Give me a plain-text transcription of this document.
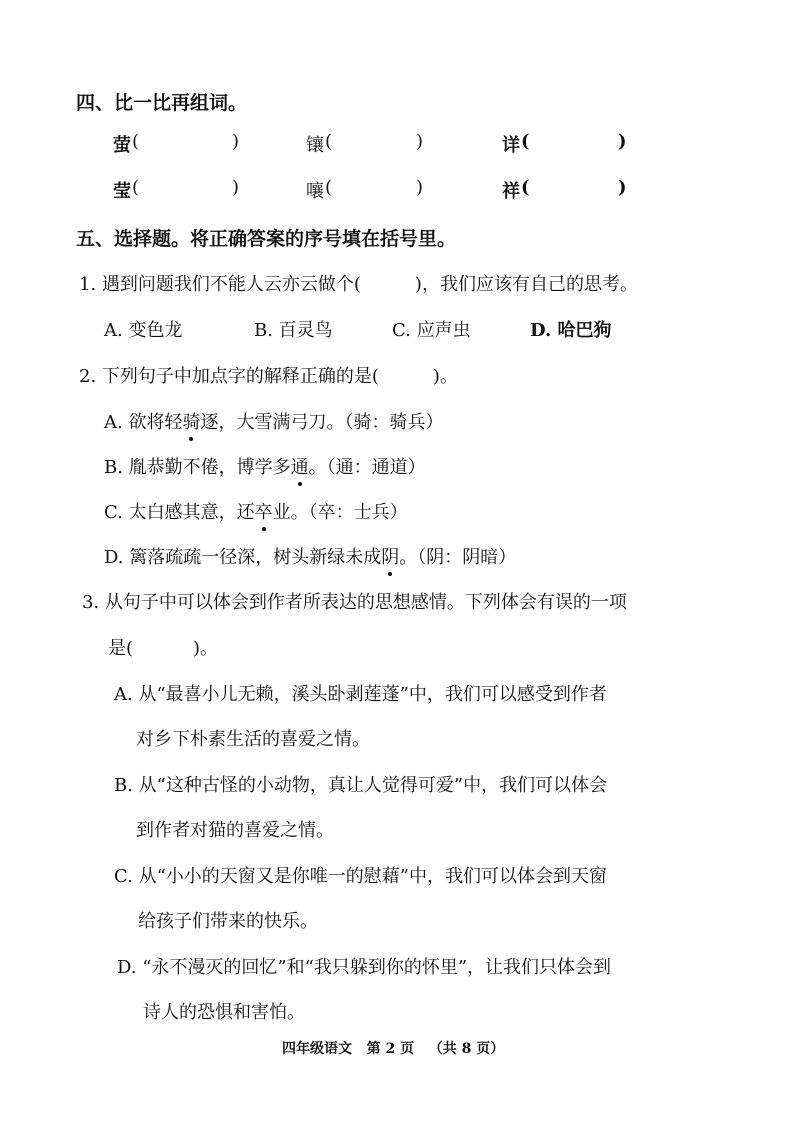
四、比一比再组词。
萤 (	)	镶 (	)	详 (	)
莹 (	)	嚷 (	)	祥 (	)
五、选择题。将正确答案的序号填在括号里。
1. 遇到问题我们不能人云亦云做个(	)，我们应该有自己的思考。
A. 变色龙	B. 百灵鸟	C. 应声虫	D. 哈巴狗
2. 下列句子中加点字的解释正确的是(	)。
A. 欲将轻骑逐，大雪满弓刀。（骑：骑兵）
B. 胤恭勤不倦，博学多通。（通：通道）
C. 太白感其意，还卒业。（卒：士兵）
D. 篱落疏疏一径深，树头新绿未成阴。（阴：阴暗）
3. 从句子中可以体会到作者所表达的思想感情。下列体会有误的一项
是(	)。
A. 从“最喜小儿无赖，溪头卧剥莲蓬”中，我们可以感受到作者
对乡下朴素生活的喜爱之情。
B. 从“这种古怪的小动物，真让人觉得可爱”中，我们可以体会
到作者对猫的喜爱之情。
C. 从“小小的天窗又是你唯一的慰藉”中，我们可以体会到天窗
给孩子们带来的快乐。
D. “永不漫灭的回忆”和“我只躲到你的怀里”，让我们只体会到
诗人的恐惧和害怕。
四年级语文 第 2 页 （共 8 页）
